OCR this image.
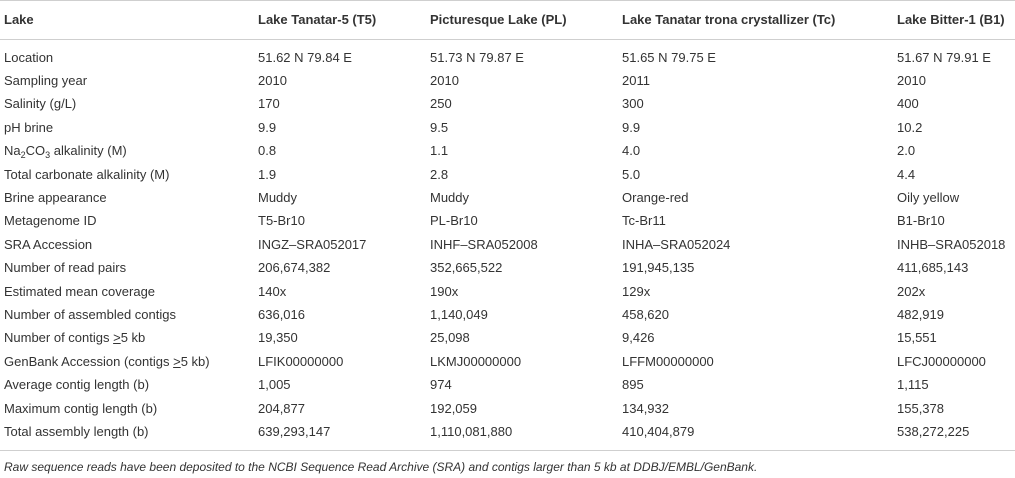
Lake	Lake Tanatar-5 (T5)	Picturesque Lake (PL)	Lake Tanatar trona crystallizer (Tc)	Lake Bitter-1 (B1)
Location	51.62 N 79.84 E	51.73 N 79.87 E	51.65 N 79.75 E	51.67 N 79.91 E
Sampling year	2010	2010	2011	2010
Salinity (g/L)	170	250	300	400
pH brine	9.9	9.5	9.9	10.2
$Na_2CO_3$ alkalinity (M)	0.8	1.1	4.0	2.0
Total carbonate alkalinity (M)	1.9	2.8	5.0	4.4
Brine appearance	Muddy	Muddy	Orange-red	Oily yellow
Metagenome ID	T5-Br10	PL-Br10	Tc-Br11	B1-Br10
SRA Accession	INGZ–SRA052017	INHF–SRA052008	INHA–SRA052024	INHB–SRA052018
Number of read pairs	206,674,382	352,665,522	191,945,135	411,685,143
Estimated mean coverage	140x	190x	129x	202x
Number of assembled contigs	636,016	1,140,049	458,620	482,919
Number of contigs ≥5 kb	19,350	25,098	9,426	15,551
GenBank Accession (contigs ≥5 kb)	LFIK00000000	LKMJ00000000	LFFM00000000	LFCJ00000000
Average contig length (b)	1,005	974	895	1,115
Maximum contig length (b)	204,877	192,059	134,932	155,378
Total assembly length (b)	639,293,147	1,110,081,880	410,404,879	538,272,225
Raw sequence reads have been deposited to the NCBI Sequence Read Archive (SRA) and contigs larger than 5 kb at DDBJ/EMBL/GenBank.
